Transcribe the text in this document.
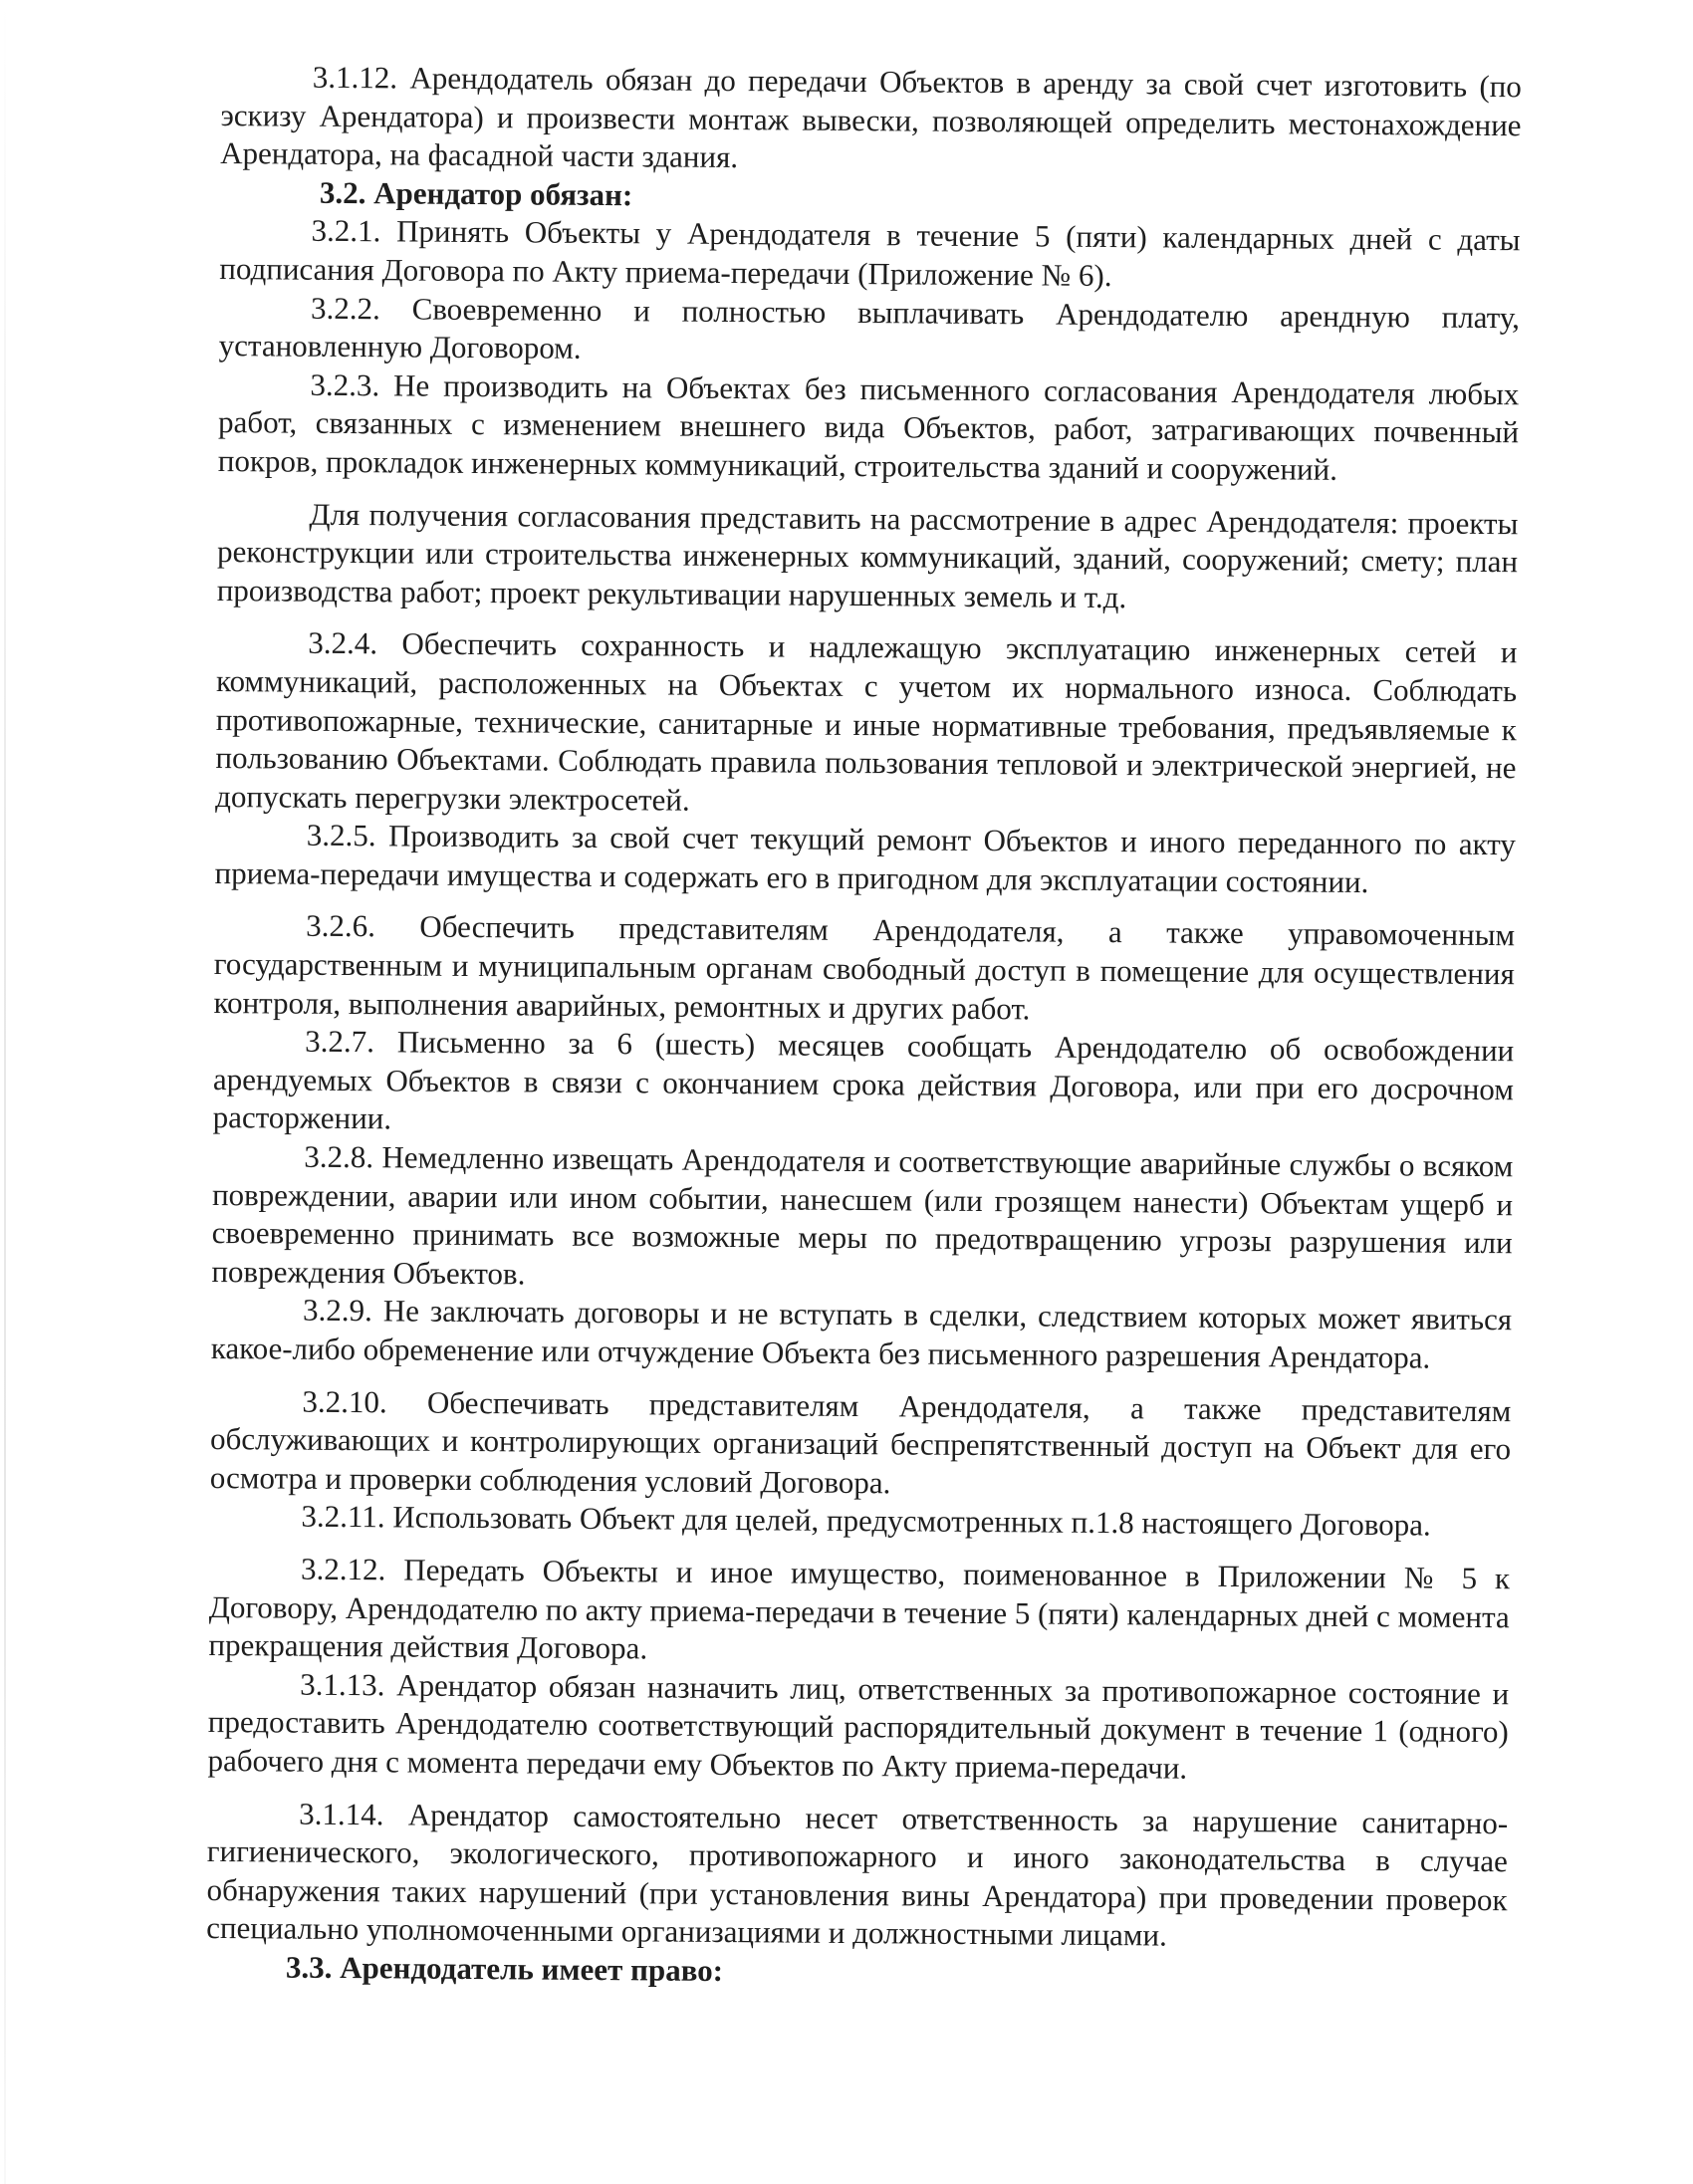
3.1.12. Арендодатель обязан до передачи Объектов в аренду за свой счет изготовить (по эскизу Арендатора) и произвести монтаж вывески, позволяющей определить местонахождение Арендатора, на фасадной части здания.

3.2. Арендатор обязан:

3.2.1. Принять Объекты у Арендодателя в течение 5 (пяти) календарных дней с даты подписания Договора по Акту приема-передачи (Приложение № 6).

3.2.2. Своевременно и полностью выплачивать Арендодателю арендную плату, установленную Договором.

3.2.3. Не производить на Объектах без письменного согласования Арендодателя любых работ, связанных с изменением внешнего вида Объектов, работ, затрагивающих почвенный покров, прокладок инженерных коммуникаций, строительства зданий и сооружений.

Для получения согласования представить на рассмотрение в адрес Арендодателя: проекты реконструкции или строительства инженерных коммуникаций, зданий, сооружений; смету; план производства работ; проект рекультивации нарушенных земель и т.д.

3.2.4. Обеспечить сохранность и надлежащую эксплуатацию инженерных сетей и коммуникаций, расположенных на Объектах с учетом их нормального износа. Соблюдать противопожарные, технические, санитарные и иные нормативные требования, предъявляемые к пользованию Объектами. Соблюдать правила пользования тепловой и электрической энергией, не допускать перегрузки электросетей.

3.2.5. Производить за свой счет текущий ремонт Объектов и иного переданного по акту приема-передачи имущества и содержать его в пригодном для эксплуатации состоянии.

3.2.6. Обеспечить представителям Арендодателя, а также управомоченным государственным и муниципальным органам свободный доступ в помещение для осуществления контроля, выполнения аварийных, ремонтных и других работ.

3.2.7. Письменно за 6 (шесть) месяцев сообщать Арендодателю об освобождении арендуемых Объектов в связи с окончанием срока действия Договора, или при его досрочном расторжении.

3.2.8. Немедленно извещать Арендодателя и соответствующие аварийные службы о всяком повреждении, аварии или ином событии, нанесшем (или грозящем нанести) Объектам ущерб и своевременно принимать все возможные меры по предотвращению угрозы разрушения или повреждения Объектов.

3.2.9. Не заключать договоры и не вступать в сделки, следствием которых может явиться какое-либо обременение или отчуждение Объекта без письменного разрешения Арендатора.

3.2.10. Обеспечивать представителям Арендодателя, а также представителям обслуживающих и контролирующих организаций беспрепятственный доступ на Объект для его осмотра и проверки соблюдения условий Договора.

3.2.11. Использовать Объект для целей, предусмотренных п.1.8 настоящего Договора.

3.2.12. Передать Объекты и иное имущество, поименованное в Приложении № 5 к Договору, Арендодателю по акту приема-передачи в течение 5 (пяти) календарных дней с момента прекращения действия Договора.

3.1.13. Арендатор обязан назначить лиц, ответственных за противопожарное состояние и предоставить Арендодателю соответствующий распорядительный документ в течение 1 (одного) рабочего дня с момента передачи ему Объектов по Акту приема-передачи.

3.1.14. Арендатор самостоятельно несет ответственность за нарушение санитарно-гигиенического, экологического, противопожарного и иного законодательства в случае обнаружения таких нарушений (при установления вины Арендатора) при проведении проверок специально уполномоченными организациями и должностными лицами.

3.3. Арендодатель имеет право:
